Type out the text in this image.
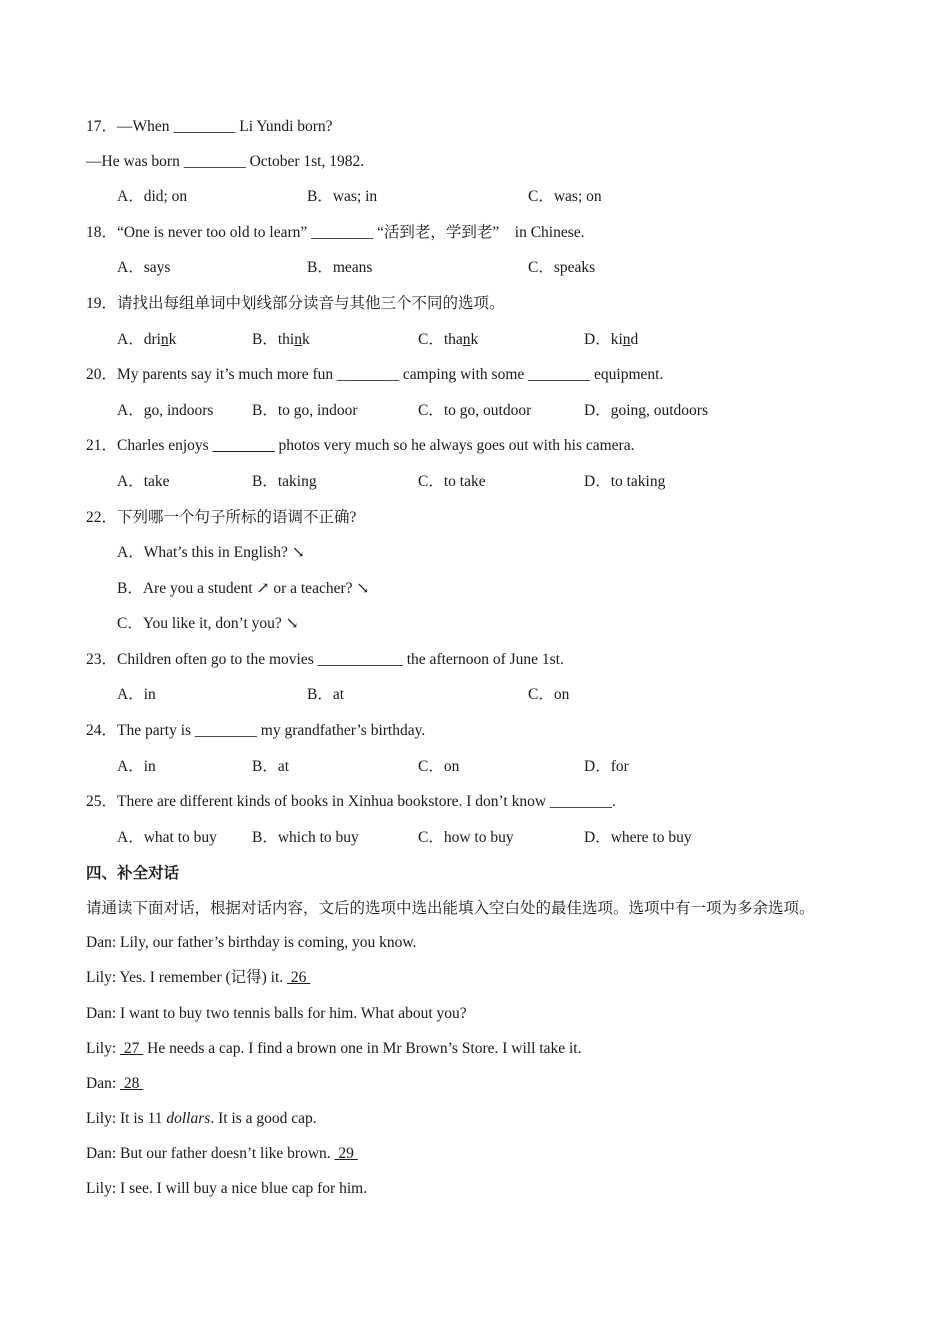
17．—When ________ Li Yundi born?
—He was born ________ October 1st, 1982.
A．did; on	B．was; in	C．was; on
18．“One is never too old to learn” ________ “活到老，学到老”　in Chinese.
A．says	B．means	C．speaks
19．请找出每组单词中划线部分读音与其他三个不同的选项。
A．drink	B．think	C．thank	D．kind
20．My parents say it’s much more fun ________ camping with some ________ equipment.
A．go, indoors B．to go, indoor	C．to go, outdoor	D．going, outdoors
21．Charles enjoys ________ photos very much so he always goes out with his camera.
A．take	B．taking	C．to take	D．to taking
22．下列哪一个句子所标的语调不正确?
A．What’s this in English? ↘
B．Are you a student ↗ or a teacher? ↘
C．You like it, don’t you? ↘
23．Children often go to the movies ___________ the afternoon of June 1st.
A．in	B．at	C．on
24．The party is ________ my grandfather’s birthday.
A．in	B．at	C．on	D．for
25．There are different kinds of books in Xinhua bookstore. I don’t know ________.
A．what to buy B．which to buy	C．how to buy	D．where to buy
四、补全对话
请通读下面对话，根据对话内容，文后的选项中选出能填入空白处的最佳选项。选项中有一项为多余选项。
Dan: Lily, our father’s birthday is coming, you know.
Lily: Yes. I remember (记得) it.  26
Dan: I want to buy two tennis balls for him. What about you?
Lily:  27  He needs a cap. I find a brown one in Mr Brown’s Store. I will take it.
Dan:  28
Lily: It is 11 dollars. It is a good cap.
Dan: But our father doesn’t like brown.  29
Lily: I see. I will buy a nice blue cap for him.
